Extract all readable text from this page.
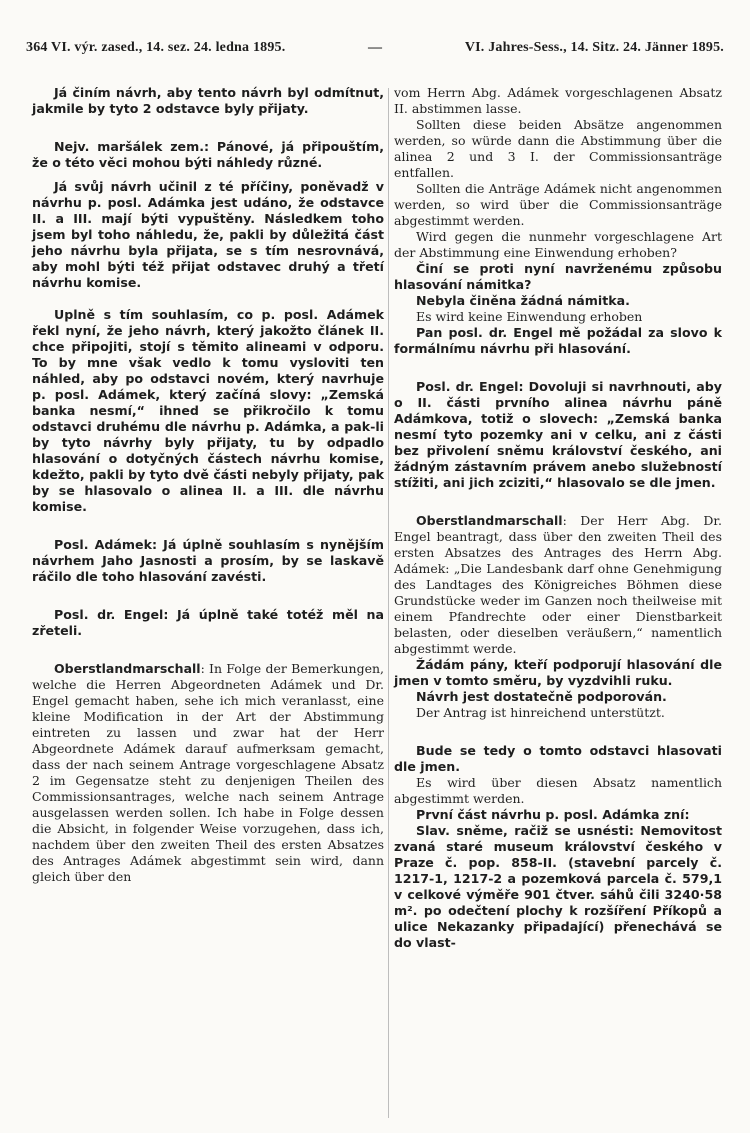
364 VI. výr. zased., 14. sez. 24. ledna 1895.	—	VI. Jahres-Sess., 14. Sitz. 24. Jänner 1895.

Já činím návrh, aby tento návrh byl odmítnut, jakmile by tyto 2 odstavce byly přijaty.

Nejv. maršálek zem.: Pánové, já připouštím, že o této věci mohou býti náhledy různé.

Já svůj návrh učinil z té příčiny, poněvadž v návrhu p. posl. Adámka jest udáno, že odstavce II. a III. mají býti vypuštěny. Následkem toho jsem byl toho náhledu, že, pakli by důležitá část jeho návrhu byla přijata, se s tím nesrovnává, aby mohl býti též přijat odstavec druhý a třetí návrhu komise.

Uplně s tím souhlasím, co p. posl. Adámek řekl nyní, že jeho návrh, který jakožto článek II. chce připojiti, stojí s těmito alineami v odporu. To by mne však vedlo k tomu vysloviti ten náhled, aby po odstavci novém, který navrhuje p. posl. Adámek, který začíná slovy: „Zemská banka nesmí,“ ihned se přikročilo k tomu odstavci druhému dle návrhu p. Adámka, a pak-li by tyto návrhy byly přijaty, tu by odpadlo hlasování o dotyčných částech návrhu komise, kdežto, pakli by tyto dvě části nebyly přijaty, pak by se hlasovalo o alinea II. a III. dle návrhu komise.

Posl. Adámek: Já úplně souhlasím s nynějším návrhem Jaho Jasnosti a prosím, by se laskavě ráčilo dle toho hlasování zavésti.

Posl. dr. Engel: Já úplně také totéž měl na zřeteli.

Oberstlandmarschall: In Folge der Bemerkungen, welche die Herren Abgeordneten Adámek und Dr. Engel gemacht haben, sehe ich mich veranlasst, eine kleine Modification in der Art der Abstimmung eintreten zu lassen und zwar hat der Herr Abgeordnete Adámek darauf aufmerksam gemacht, dass der nach seinem Antrage vorgeschlagene Absatz 2 im Gegensatze steht zu denjenigen Theilen des Commissionsantrages, welche nach seinem Antrage ausgelassen werden sollen. Ich habe in Folge dessen die Absicht, in folgender Weise vorzugehen, dass ich, nachdem über den zweiten Theil des ersten Absatzes des Antrages Adámek abgestimmt sein wird, dann gleich über den

vom Herrn Abg. Adámek vorgeschlagenen Absatz II. abstimmen lasse.

Sollten diese beiden Absätze angenommen werden, so würde dann die Abstimmung über die alinea 2 und 3 I. der Commissionsanträge entfallen.

Sollten die Anträge Adámek nicht angenommen werden, so wird über die Commissionsanträge abgestimmt werden.

Wird gegen die nunmehr vorgeschlagene Art der Abstimmung eine Einwendung erhoben?

Činí se proti nyní navrženému způsobu hlasování námitka?

Nebyla činěna žádná námitka.

Es wird keine Einwendung erhoben

Pan posl. dr. Engel mě požádal za slovo k formálnímu návrhu při hlasování.

Posl. dr. Engel: Dovoluji si navrhnouti, aby o II. části prvního alinea návrhu páně Adámkova, totiž o slovech: „Zemská banka nesmí tyto pozemky ani v celku, ani z části bez přivolení sněmu království českého, ani žádným zástavním právem anebo služebností stížiti, ani jich zciziti,“ hlasovalo se dle jmen.

Oberstlandmarschall: Der Herr Abg. Dr. Engel beantragt, dass über den zweiten Theil des ersten Absatzes des Antrages des Herrn Abg. Adámek: „Die Landesbank darf ohne Genehmigung des Landtages des Königreiches Böhmen diese Grundstücke weder im Ganzen noch theilweise mit einem Pfandrechte oder einer Dienstbarkeit belasten, oder dieselben veräußern,“ namentlich abgestimmt werde.

Žádám pány, kteří podporují hlasování dle jmen v tomto směru, by vyzdvihli ruku.

Návrh jest dostatečně podporován.

Der Antrag ist hinreichend unterstützt.

Bude se tedy o tomto odstavci hlasovati dle jmen.

Es wird über diesen Absatz namentlich abgestimmt werden.

První část návrhu p. posl. Adámka zní:

Slav. sněme, račiž se usnésti: Nemovitost zvaná staré museum království českého v Praze č. pop. 858-II. (stavební parcely č. 1217-1, 1217-2 a pozemková parcela č. 579,1 v celkové výměře 901 čtver. sáhů čili 3240·58 m². po odečtení plochy k rozšíření Příkopů a ulice Nekazanky připadající) přenechává se do vlast-
